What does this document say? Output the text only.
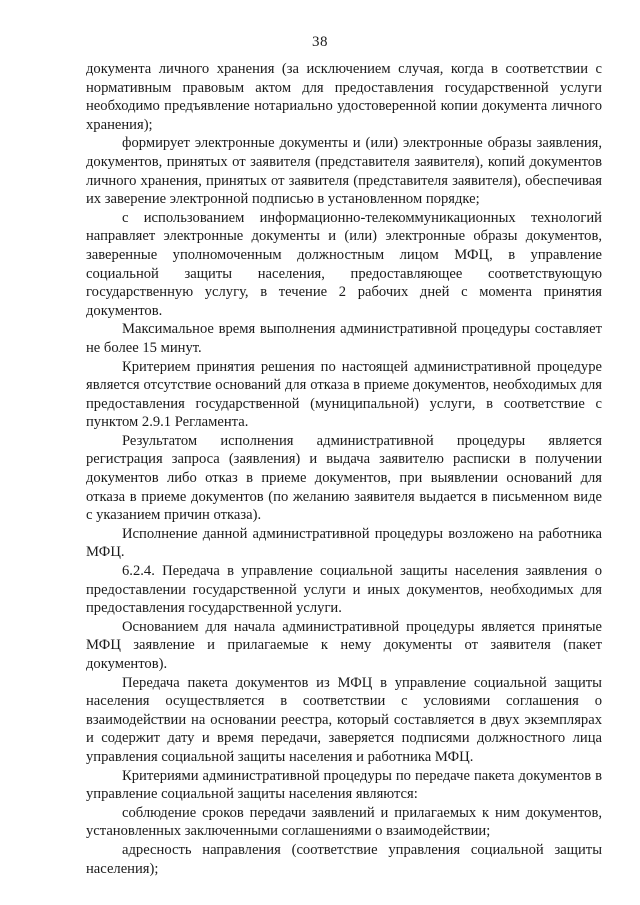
38

документа личного хранения (за исключением случая, когда в соответствии с нормативным правовым актом для предоставления государственной услуги необходимо предъявление нотариально удостоверенной копии документа личного хранения);

формирует электронные документы и (или) электронные образы заявления, документов, принятых от заявителя (представителя заявителя), копий документов личного хранения, принятых от заявителя (представителя заявителя), обеспечивая их заверение электронной подписью в установленном порядке;

с использованием информационно-телекоммуникационных технологий направляет электронные документы и (или) электронные образы документов, заверенные уполномоченным должностным лицом МФЦ, в управление социальной защиты населения, предоставляющее соответствующую государственную услугу, в течение 2 рабочих дней с момента принятия документов.

Максимальное время выполнения административной процедуры составляет не более 15 минут.

Критерием принятия решения по настоящей административной процедуре является отсутствие оснований для отказа в приеме документов, необходимых для предоставления государственной (муниципальной) услуги, в соответствие с пунктом 2.9.1 Регламента.

Результатом исполнения административной процедуры является регистрация запроса (заявления) и выдача заявителю расписки в получении документов либо отказ в приеме документов, при выявлении оснований для отказа в приеме документов (по желанию заявителя выдается в письменном виде с указанием причин отказа).

Исполнение данной административной процедуры возложено на работника МФЦ.

6.2.4. Передача в управление социальной защиты населения заявления о предоставлении государственной услуги и иных документов, необходимых для предоставления государственной услуги.

Основанием для начала административной процедуры является принятые МФЦ заявление и прилагаемые к нему документы от заявителя (пакет документов).

Передача пакета документов из МФЦ в управление социальной защиты населения осуществляется в соответствии с условиями соглашения о взаимодействии на основании реестра, который составляется в двух экземплярах и содержит дату и время передачи, заверяется подписями должностного лица управления социальной защиты населения и работника МФЦ.

Критериями административной процедуры по передаче пакета документов в управление социальной защиты населения являются:

соблюдение сроков передачи заявлений и прилагаемых к ним документов, установленных заключенными соглашениями о взаимодействии;

адресность направления (соответствие управления социальной защиты населения);
